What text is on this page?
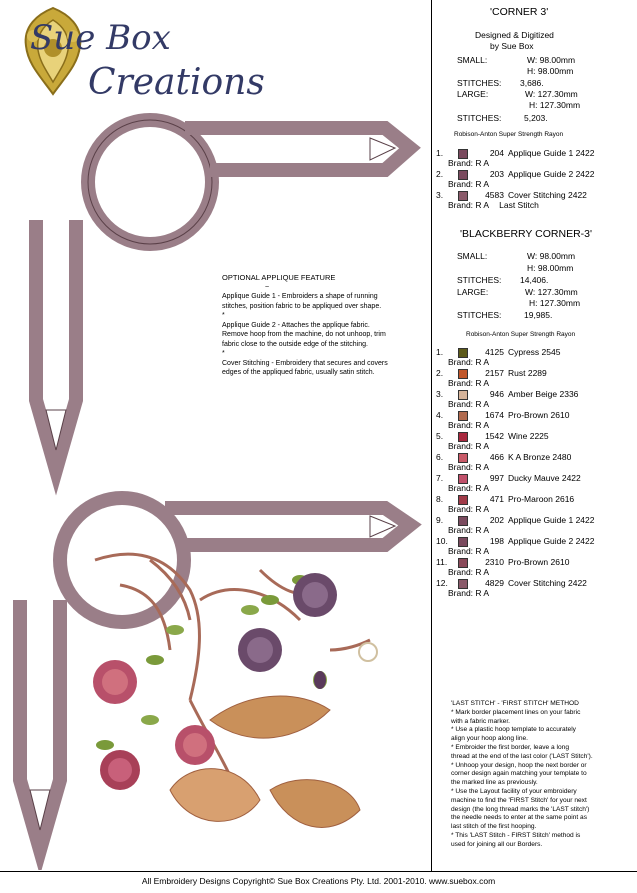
Sue Box
Creations
OPTIONAL APPLIQUE FEATURE
~
Applique Guide 1 - Embroiders a shape of running stitches, position fabric to be appliqued over shape.
*
Applique Guide 2 - Attaches the applique fabric. Remove hoop from the machine, do not unhoop, trim fabric close to the outside edge of the stitching.
*
Cover Stitching - Embroidery that secures and covers edges of the appliqued fabric, usually satin stitch.
'CORNER 3'
Designed & Digitized
by Sue Box
SMALL:	W: 98.00mm
H: 98.00mm
STITCHES: 3,686.
LARGE:	W: 127.30mm
H: 127.30mm
STITCHES:	5,203.
Robison-Anton Super Strength Rayon
1.	204 Applique Guide 1 2422
Brand: R A
2.	203 Applique Guide 2 2422
Brand: R A
3.	4583 Cover Stitching 2422
Brand: R A Last Stitch
'BLACKBERRY CORNER-3'
SMALL:	W: 98.00mm
H: 98.00mm
STITCHES: 14,406.
LARGE:	W: 127.30mm
H: 127.30mm
STITCHES:	19,985.
Robison-Anton Super Strength Rayon
1.	4125 Cypress 2545
Brand: R A
2.	2157 Rust 2289
Brand: R A
3.	946 Amber Beige 2336
Brand: R A
4.	1674 Pro-Brown 2610
Brand: R A
5.	1542 Wine 2225
Brand: R A
6.	466 K A Bronze 2480
Brand: R A
7.	997 Ducky Mauve 2422
Brand: R A
8.	471 Pro-Maroon 2616
Brand: R A
9.	202 Applique Guide 1 2422
Brand: R A
10.	198 Applique Guide 2 2422
Brand: R A
11.	2310 Pro-Brown 2610
Brand: R A
12.	4829 Cover Stitching 2422
Brand: R A
'LAST STITCH' - 'FIRST STITCH' METHOD
* Mark border placement lines on your fabric
with a fabric marker.
* Use a plastic hoop template to accurately
align your hoop along line.
* Embroider the first border, leave a long
thread at the end of the last color ('LAST Stitch').
* Unhoop your design, hoop the next border or
corner design again matching your template to
the marked line as previously.
* Use the Layout facility of your embroidery
machine to find the 'FIRST Stitch' for your next
design (the long thread marks the 'LAST stitch')
the needle needs to enter at the same point as
last stitch of the first hooping.
* This 'LAST Stitch - FIRST Stitch' method is
used for joining all our Borders.
All Embroidery Designs Copyright© Sue Box Creations Pty. Ltd. 2001-2010. www.suebox.com
